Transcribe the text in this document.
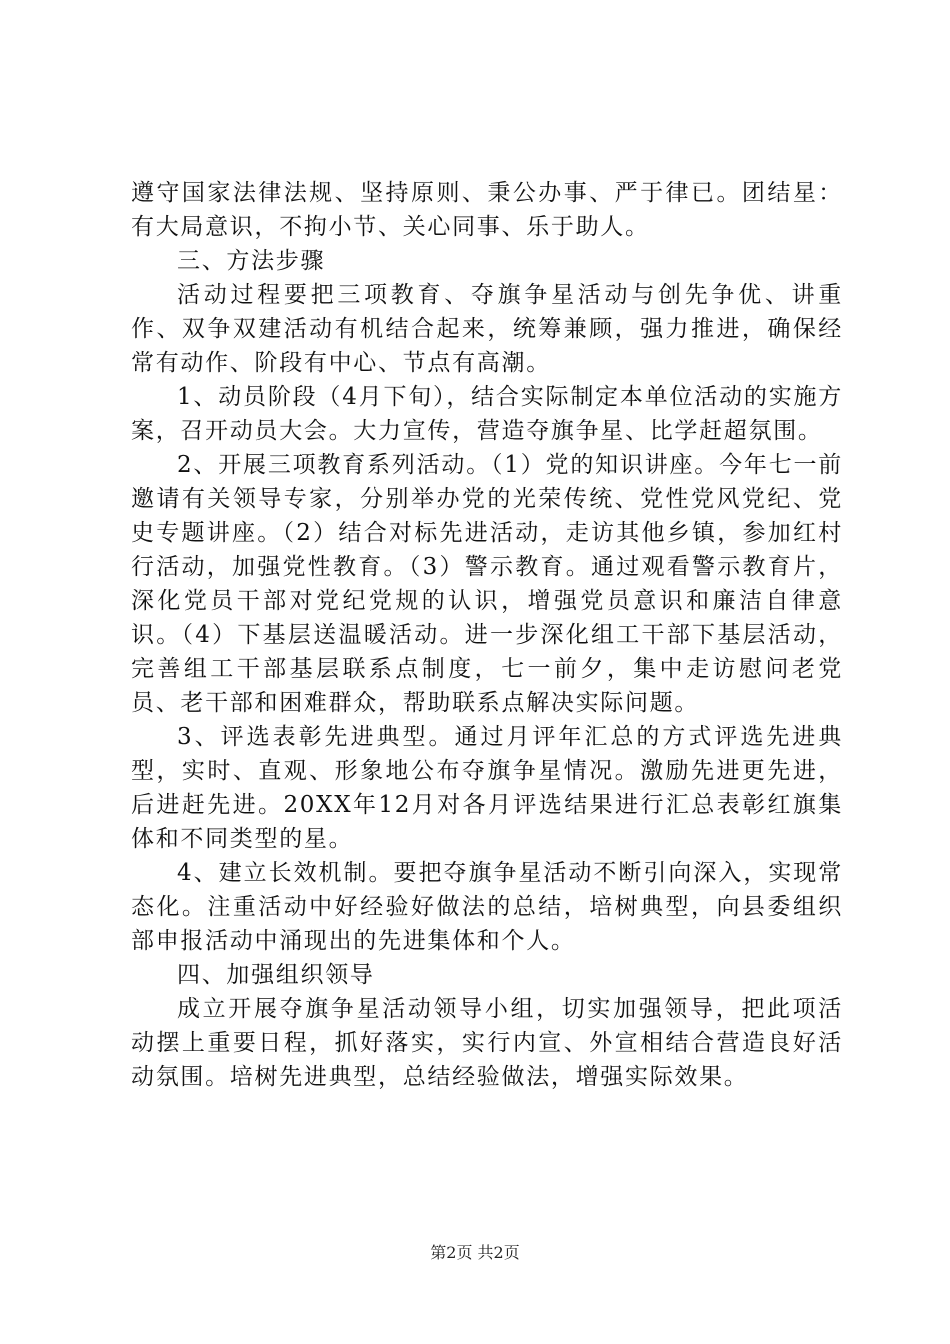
遵守国家法律法规、坚持原则、秉公办事、严于律已。团结星：有大局意识，不拘小节、关心同事、乐于助人。

三、方法步骤

活动过程要把三项教育、夺旗争星活动与创先争优、讲重作、双争双建活动有机结合起来，统筹兼顾，强力推进，确保经常有动作、阶段有中心、节点有高潮。

1、动员阶段（4月下旬），结合实际制定本单位活动的实施方案，召开动员大会。大力宣传，营造夺旗争星、比学赶超氛围。

2、开展三项教育系列活动。（1）党的知识讲座。今年七一前邀请有关领导专家，分别举办党的光荣传统、党性党风党纪、党史专题讲座。（2）结合对标先进活动，走访其他乡镇，参加红村行活动，加强党性教育。（3）警示教育。通过观看警示教育片，深化党员干部对党纪党规的认识，增强党员意识和廉洁自律意识。（4）下基层送温暖活动。进一步深化组工干部下基层活动，完善组工干部基层联系点制度，七一前夕，集中走访慰问老党员、老干部和困难群众，帮助联系点解决实际问题。

3、评选表彰先进典型。通过月评年汇总的方式评选先进典型，实时、直观、形象地公布夺旗争星情况。激励先进更先进，后进赶先进。20XX年12月对各月评选结果进行汇总表彰红旗集体和不同类型的星。

4、建立长效机制。要把夺旗争星活动不断引向深入，实现常态化。注重活动中好经验好做法的总结，培树典型，向县委组织部申报活动中涌现出的先进集体和个人。

四、加强组织领导

成立开展夺旗争星活动领导小组，切实加强领导，把此项活动摆上重要日程，抓好落实，实行内宣、外宣相结合营造良好活动氛围。培树先进典型，总结经验做法，增强实际效果。

第2页 共2页
